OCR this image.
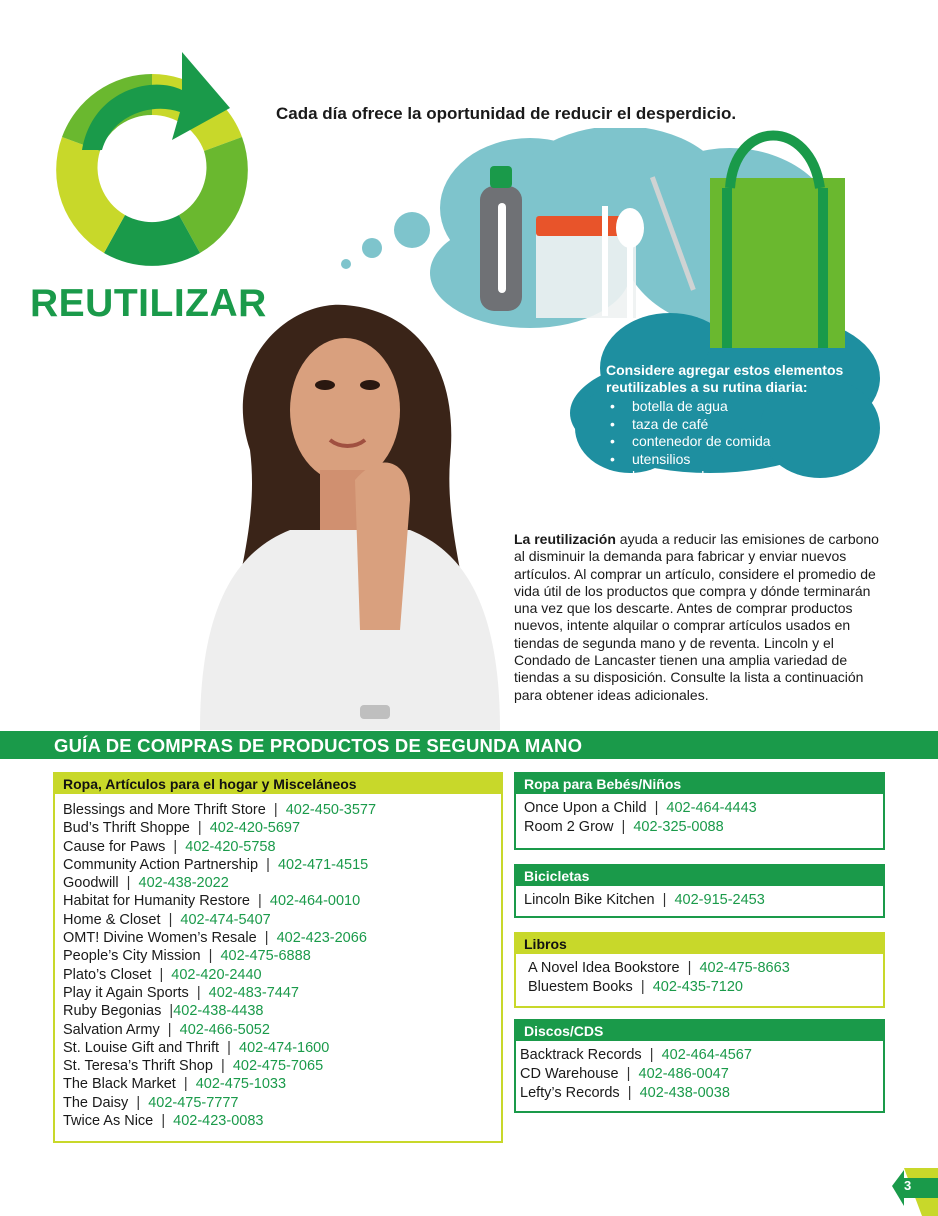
REUTILIZAR
Cada día ofrece la oportunidad de reducir el desperdicio.
Considere agregar estos elementos reutilizables a su rutina diaria:
• botella de agua
• taza de café
• contenedor de comida
• utensilios
• bolsa para las compras
La reutilización ayuda a reducir las emisiones de carbono al disminuir la demanda para fabricar y enviar nuevos artículos. Al comprar un artículo, considere el promedio de vida útil de los productos que compra y dónde terminarán una vez que los descarte. Antes de comprar productos nuevos, intente alquilar o comprar artículos usados en tiendas de segunda mano y de reventa. Lincoln y el Condado de Lancaster tienen una amplia variedad de tiendas a su disposición. Consulte la lista a continuación para obtener ideas adicionales.
GUÍA DE COMPRAS DE PRODUCTOS DE SEGUNDA MANO
Ropa, Artículos para el hogar y Misceláneos
Blessings and More Thrift Store | 402-450-3577
Bud’s Thrift Shoppe | 402-420-5697
Cause for Paws | 402-420-5758
Community Action Partnership | 402-471-4515
Goodwill | 402-438-2022
Habitat for Humanity Restore | 402-464-0010
Home & Closet | 402-474-5407
OMT! Divine Women’s Resale | 402-423-2066
People’s City Mission | 402-475-6888
Plato’s Closet | 402-420-2440
Play it Again Sports | 402-483-7447
Ruby Begonias |402-438-4438
Salvation Army | 402-466-5052
St. Louise Gift and Thrift | 402-474-1600
St. Teresa’s Thrift Shop | 402-475-7065
The Black Market | 402-475-1033
The Daisy | 402-475-7777
Twice As Nice | 402-423-0083
Ropa para Bebés/Niños
Once Upon a Child | 402-464-4443
Room 2 Grow | 402-325-0088
Bicicletas
Lincoln Bike Kitchen | 402-915-2453
Libros
A Novel Idea Bookstore | 402-475-8663
Bluestem Books | 402-435-7120
Discos/CDS
Backtrack Records | 402-464-4567
CD Warehouse | 402-486-0047
Lefty’s Records | 402-438-0038
3
